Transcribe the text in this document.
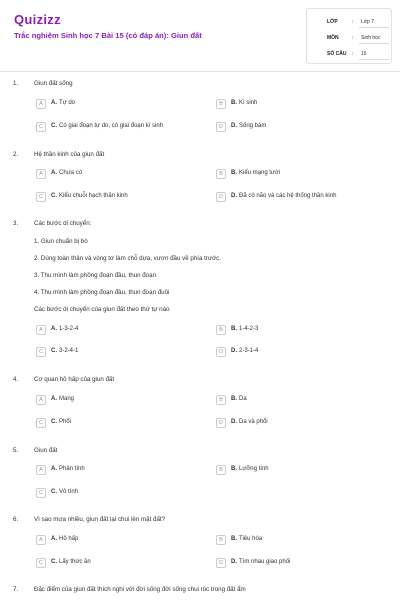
Quizizz
Trắc nghiệm Sinh học 7 Bài 15 (có đáp án): Giun đất
LỚP	: Lớp 7
MÔN	: Sinh học
SỐ CÂU : 15
1.	Giun đất sống
A	A. Tự do	B	B. Kí sinh
C	C. Có giai đoạn tự do, có giai đoạn kí sinh	D	D. Sống bám
2.	Hệ thần kinh của giun đất
A	A. Chưa có	B	B. Kiểu mạng lưới
C	C. Kiểu chuỗi hạch thần kinh	D	D. Đã có não và các hệ thống thần kinh
3.	Các bước di chuyển:
1. Giun chuẩn bị bò
2. Dùng toàn thân và vòng tơ làm chỗ dựa, vươn đầu về phía trước.
3. Thu mình làm phồng đoạn đầu, thun đoạn
4. Thu mình làm phồng đoạn đầu, thun đoạn đuôi
Các bước di chuyển của giun đất theo thứ tự nào
A	A. 1-3-2-4	B	B. 1-4-2-3
C	C. 3-2-4-1	D	D. 2-3-1-4
4.	Cơ quan hô hấp của giun đất
A	A. Mang	B	B. Da
C	C. Phổi	D	D. Da và phổi
5.	Giun đất
A	A. Phân tính	B	B. Lưỡng tính
C	C. Vô tính
6.	Vì sao mưa nhiều, giun đất lại chui lên mặt đất?
A	A. Hô hấp	B	B. Tiêu hóa
C	C. Lấy thức ăn	D	D. Tìm nhau giao phối
7.	Đặc điểm của giun đất thích nghi với đời sống đời sống chui rúc trong đất ẩm
